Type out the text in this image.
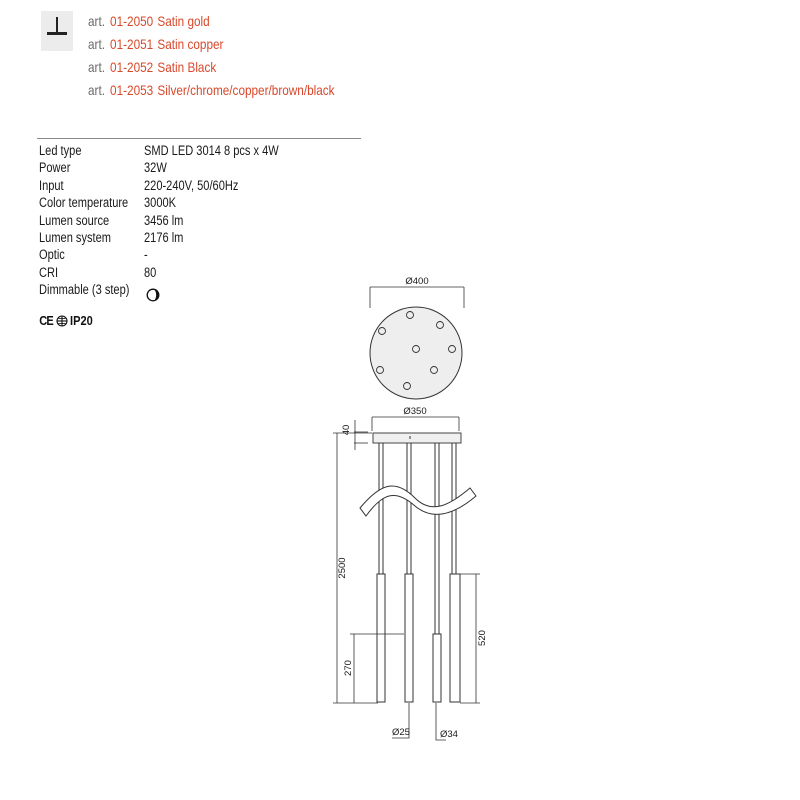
art. 01-2050 Satin gold
art. 01-2051 Satin copper
art. 01-2052 Satin Black
art. 01-2053 Silver/chrome/copper/brown/black
Led type	SMD LED 3014 8 pcs x 4W
Power	32W
Input	220-240V, 50/60Hz
Color temperature 3000K
Lumen source	3456 lm
Lumen system 2176 lm
Optic	-
CRI	80
Dimmable (3 step)
CE IP20
Ø400
Ø350
40
2500
270
520
Ø25	Ø34
